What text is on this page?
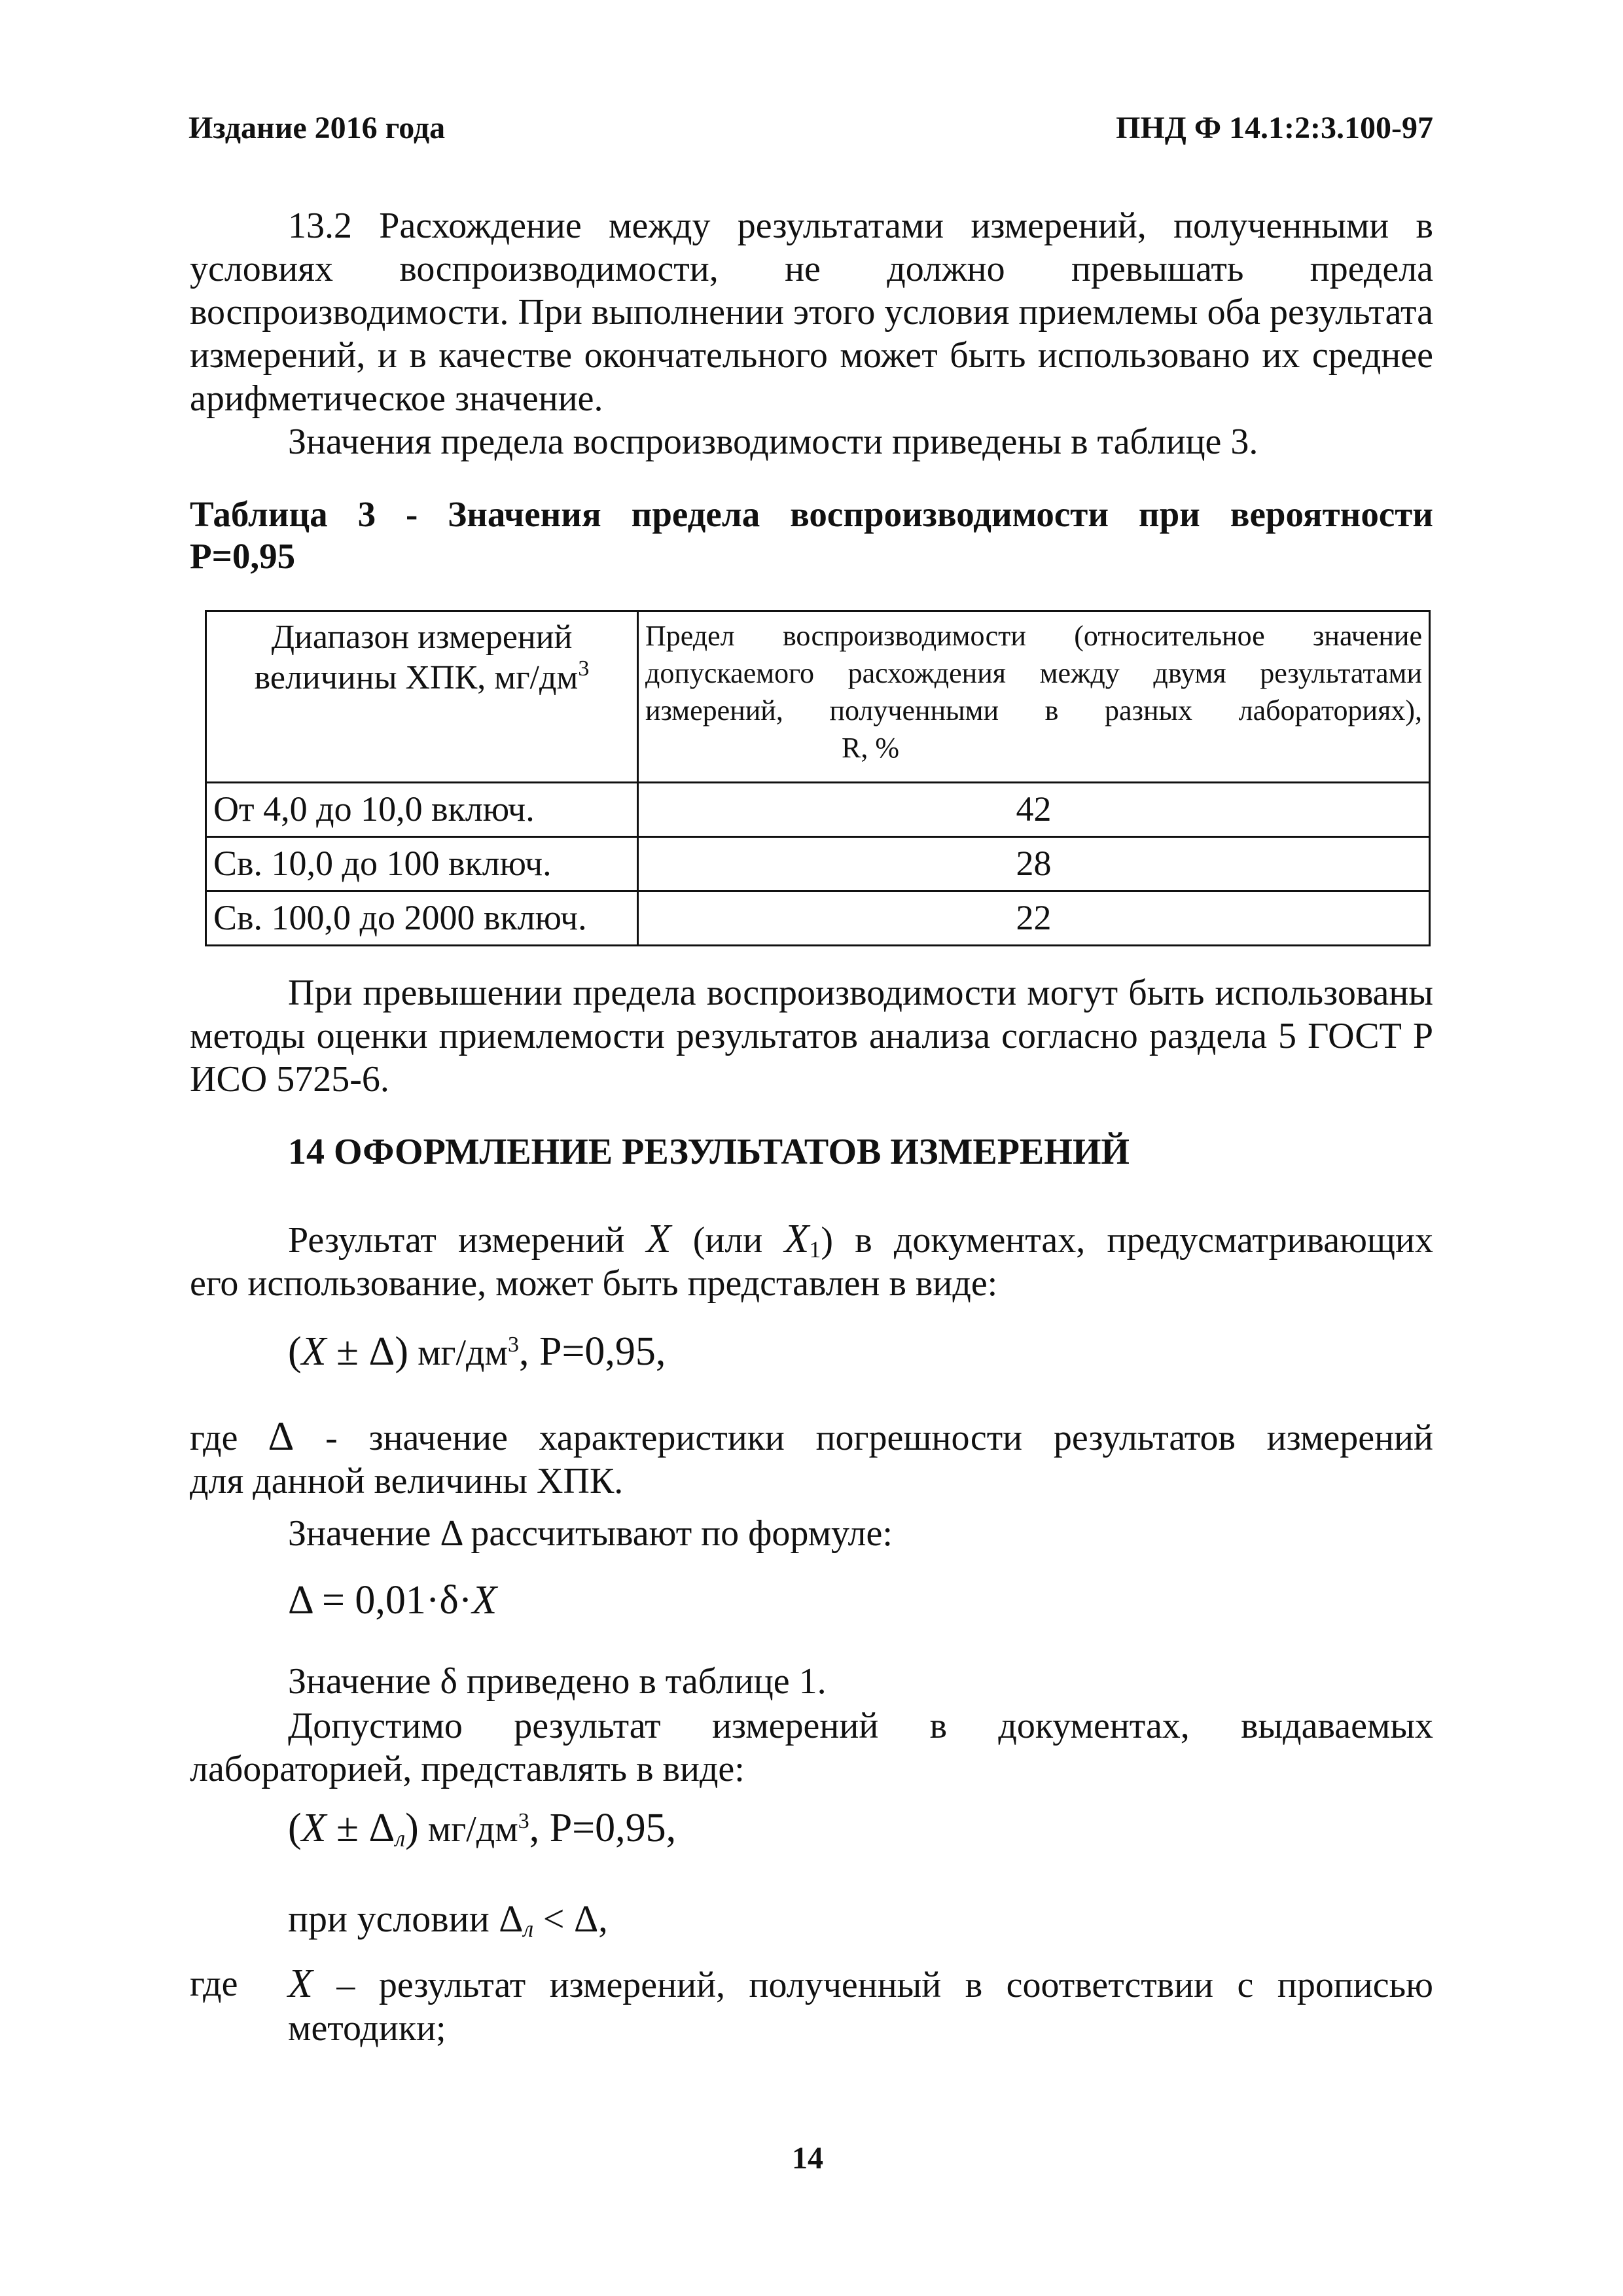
Издание 2016 года	ПНД Ф 14.1:2:3.100-97
13.2 Расхождение между результатами измерений, полученными в
условиях воспроизводимости, не должно превышать предела воспроизводимости. При выполнении этого условия приемлемы оба результата измерений, и в качестве окончательного может быть использовано их среднее арифметическое значение.
Значения предела воспроизводимости приведены в таблице 3.
Таблица 3 - Значения предела воспроизводимости при вероятности
Р=0,95
Диапазон измерений величины ХПК, $мг/дм^3$	Предел воспроизводимости (относительное значение допускаемого расхождения между двумя результатами измерений, полученными в разных лабораториях), R, %
От 4,0 до 10,0 включ.	42
Св. 10,0 до 100 включ.	28
Св. 100,0 до 2000 включ.	22
При превышении предела воспроизводимости могут быть использованы методы оценки приемлемости результатов анализа согласно раздела 5 ГОСТ Р ИСО 5725-6.
14 ОФОРМЛЕНИЕ РЕЗУЛЬТАТОВ ИЗМЕРЕНИЙ
Результат измерений X (или $X_1$) в документах, предусматривающих
его использование, может быть представлен в виде:
(X ± Δ) $мг/дм^3$, Р=0,95,
где Δ - значение характеристики погрешности результатов измерений
для данной величины ХПК.
Значение Δ рассчитывают по формуле:
Δ = 0,01·δ·X
Значение δ приведено в таблице 1.
Допустимо результат измерений в документах, выдаваемых лабораторией, представлять в виде:
$(X \pm \Delta_л)$ $мг/дм^3$, Р=0,95,
при условии $\Delta_л < \Delta$,
где X – результат измерений, полученный в соответствии с прописью
методики;
14
